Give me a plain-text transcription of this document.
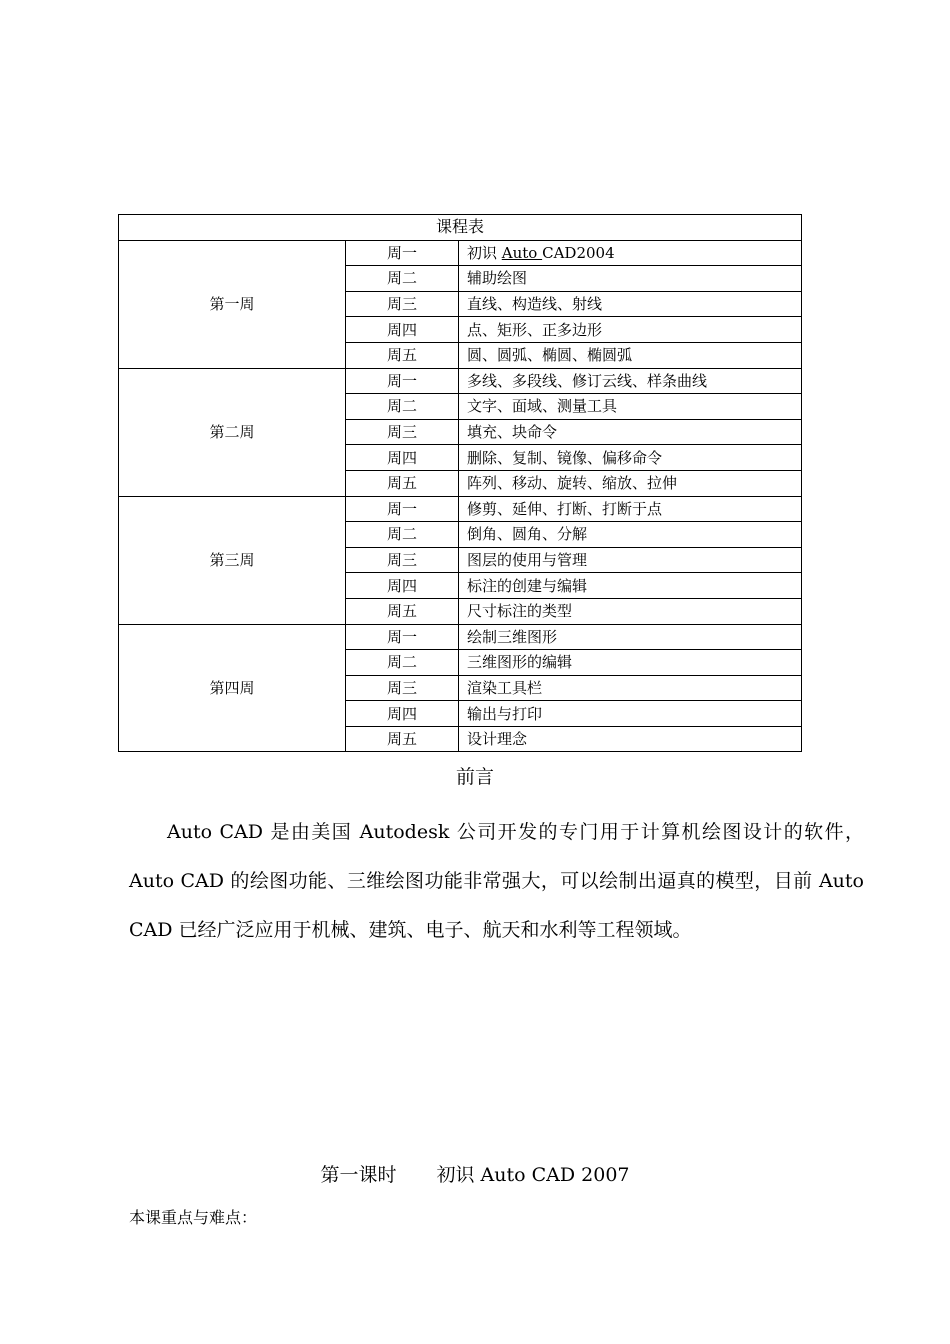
课程表		
第一周	周一	初识 Auto CAD2004
	周二	辅助绘图
	周三	直线、构造线、射线
	周四	点、矩形、正多边形
	周五	圆、圆弧、椭圆、椭圆弧
第二周	周一	多线、多段线、修订云线、样条曲线
	周二	文字、面域、测量工具
	周三	填充、块命令
	周四	删除、复制、镜像、偏移命令
	周五	阵列、移动、旋转、缩放、拉伸
第三周	周一	修剪、延伸、打断、打断于点
	周二	倒角、圆角、分解
	周三	图层的使用与管理
	周四	标注的创建与编辑
	周五	尺寸标注的类型
第四周	周一	绘制三维图形
	周二	三维图形的编辑
	周三	渲染工具栏
	周四	输出与打印
	周五	设计理念
前言

Auto CAD 是由美国 Autodesk 公司开发的专门用于计算机绘图设计的软件，Auto CAD 的绘图功能、三维绘图功能非常强大，可以绘制出逼真的模型，目前 Auto CAD 已经广泛应用于机械、建筑、电子、航天和水利等工程领域。

第一课时 初识 Auto CAD 2007
本课重点与难点：
